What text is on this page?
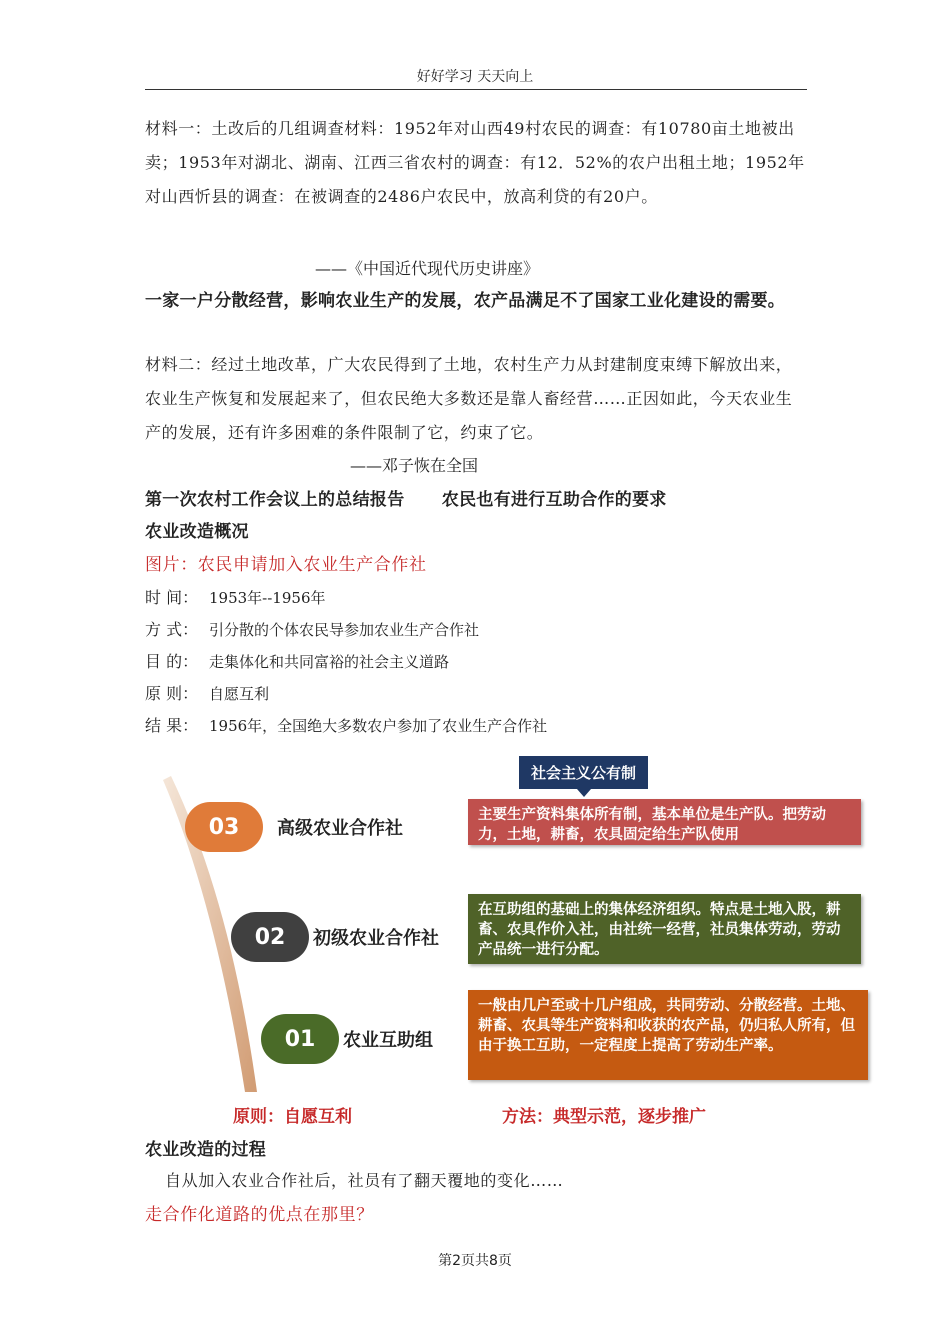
好好学习 天天向上
材料一：土改后的几组调查材料：1952年对山西49村农民的调查：有10780亩土地被出卖；1953年对湖北、湖南、江西三省农村的调查：有12．52%的农户出租土地；1952年对山西忻县的调查：在被调查的2486户农民中，放高利贷的有20户。
——《中国近代现代历史讲座》
一家一户分散经营，影响农业生产的发展，农产品满足不了国家工业化建设的需要。
材料二：经过土地改革，广大农民得到了土地，农村生产力从封建制度束缚下解放出来，农业生产恢复和发展起来了，但农民绝大多数还是靠人畜经营……正因如此，今天农业生产的发展，还有许多困难的条件限制了它，约束了它。
——邓子恢在全国
第一次农村工作会议上的总结报告      农民也有进行互助合作的要求
农业改造概况
图片：农民申请加入农业生产合作社
时 间： 1953年--1956年
方 式： 引分散的个体农民导参加农业生产合作社
目 的： 走集体化和共同富裕的社会主义道路
原 则： 自愿互利
结 果： 1956年，全国绝大多数农户参加了农业生产合作社
社会主义公有制
03	高级农业合作社
主要生产资料集体所有制，基本单位是生产队。把劳动力，土地，耕畜，农具固定给生产队使用
02	初级农业合作社
在互助组的基础上的集体经济组织。特点是土地入股，耕畜、农具作价入社，由社统一经营，社员集体劳动，劳动产品统一进行分配。
01	农业互助组
一般由几户至或十几户组成，共同劳动、分散经营。土地、耕畜、农具等生产资料和收获的农产品，仍归私人所有，但由于换工互助，一定程度上提高了劳动生产率。
原则：自愿互利	方法：典型示范，逐步推广
农业改造的过程
自从加入农业合作社后，社员有了翻天覆地的变化……
走合作化道路的优点在那里？
第2页共8页
